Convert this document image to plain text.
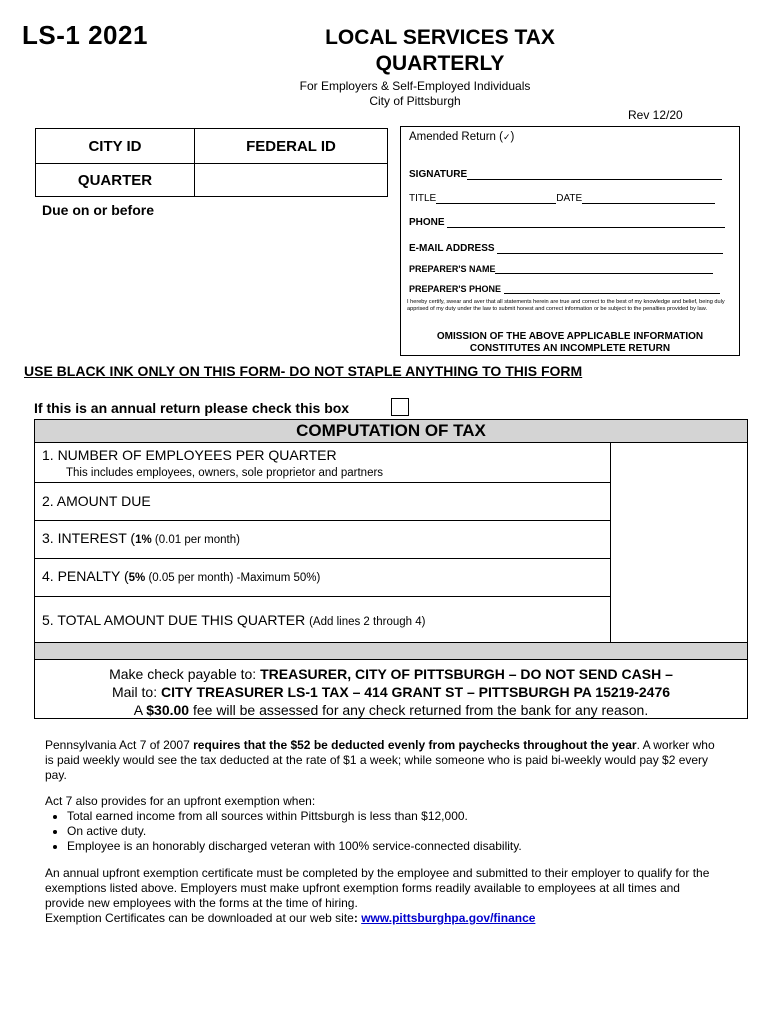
LS-1 2021	LOCAL SERVICES TAX
QUARTERLY
For Employers & Self-Employed Individuals
City of Pittsburgh
Rev 12/20
CITY ID	FEDERAL ID
QUARTER	
Due on or before
Amended Return (✓)
SIGNATURE
TITLE	DATE
PHONE
E-MAIL ADDRESS
PREPARER'S NAME
PREPARER'S PHONE
I hereby certify, swear and aver that all statements herein are true and correct to the best of my knowledge and belief, being duly apprised of my duty under the law to submit honest and correct information or be subject to the penalties provided by law.
OMISSION OF THE ABOVE APPLICABLE INFORMATION
CONSTITUTES AN INCOMPLETE RETURN
USE BLACK INK ONLY ON THIS FORM- DO NOT STAPLE ANYTHING TO THIS FORM
If this is an annual return please check this box
COMPUTATION OF TAX
1. NUMBER OF EMPLOYEES PER QUARTER
This includes employees, owners, sole proprietor and partners
2. AMOUNT DUE
3. INTEREST (1% (0.01 per month)
4. PENALTY (5% (0.05 per month) -Maximum 50%)
5. TOTAL AMOUNT DUE THIS QUARTER (Add lines 2 through 4)
Make check payable to: TREASURER, CITY OF PITTSBURGH – DO NOT SEND CASH –
Mail to: CITY TREASURER LS-1 TAX – 414 GRANT ST – PITTSBURGH PA 15219-2476
A $30.00 fee will be assessed for any check returned from the bank for any reason.
Pennsylvania Act 7 of 2007 requires that the $52 be deducted evenly from paychecks throughout the year. A worker who is paid weekly would see the tax deducted at the rate of $1 a week; while someone who is paid bi-weekly would pay $2 every pay.
Act 7 also provides for an upfront exemption when:
• Total earned income from all sources within Pittsburgh is less than $12,000.
• On active duty.
• Employee is an honorably discharged veteran with 100% service-connected disability.
An annual upfront exemption certificate must be completed by the employee and submitted to their employer to qualify for the exemptions listed above. Employers must make upfront exemption forms readily available to employees at all times and provide new employees with the forms at the time of hiring.
Exemption Certificates can be downloaded at our web site: www.pittsburghpa.gov/finance
